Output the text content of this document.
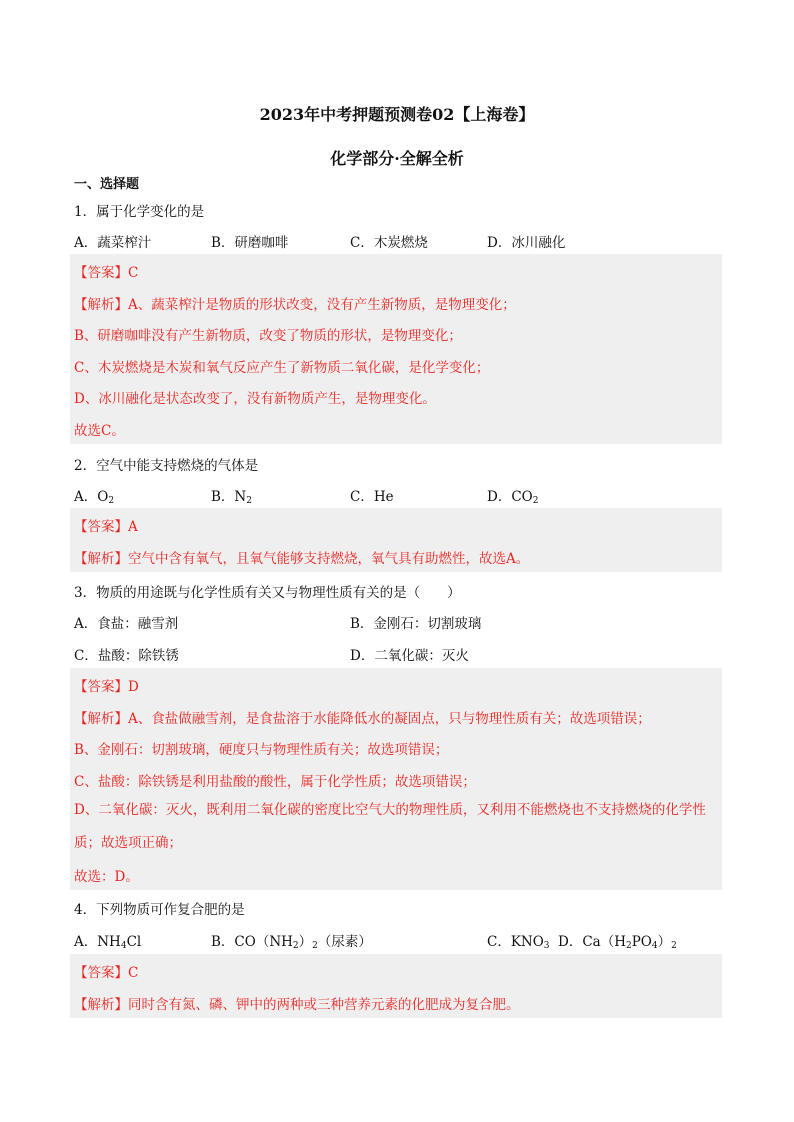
2023年中考押题预测卷02【上海卷】
化学部分·全解全析
一、选择题
1．属于化学变化的是
A．蔬菜榨汁	B．研磨咖啡	C．木炭燃烧	D．冰川融化
【答案】C
【解析】A、蔬菜榨汁是物质的形状改变，没有产生新物质，是物理变化；
B、研磨咖啡没有产生新物质，改变了物质的形状，是物理变化；
C、木炭燃烧是木炭和氧气反应产生了新物质二氧化碳，是化学变化；
D、冰川融化是状态改变了，没有新物质产生，是物理变化。
故选C。
2．空气中能支持燃烧的气体是
A．$O_2$	B．$N_2$	C．He	D．$CO_2$
【答案】A
【解析】空气中含有氧气，且氧气能够支持燃烧，氧气具有助燃性，故选A。
3．物质的用途既与化学性质有关又与物理性质有关的是（　　）
A．食盐：融雪剂	B．金刚石：切割玻璃
C．盐酸：除铁锈	D．二氧化碳：灭火
【答案】D
【解析】A、食盐做融雪剂，是食盐溶于水能降低水的凝固点，只与物理性质有关；故选项错误；
B、金刚石：切割玻璃，硬度只与物理性质有关；故选项错误；
C、盐酸：除铁锈是利用盐酸的酸性，属于化学性质；故选项错误；
D、二氧化碳：灭火，既利用二氧化碳的密度比空气大的物理性质，又利用不能燃烧也不支持燃烧的化学性质；故选项正确；
故选：D。
4．下列物质可作复合肥的是
A．$NH_4Cl$	B．$CO(NH_2)_2$（尿素）	C．$KNO_3$ D．$Ca(H_2PO_4)_2$
【答案】C
【解析】同时含有氮、磷、钾中的两种或三种营养元素的化肥成为复合肥。
